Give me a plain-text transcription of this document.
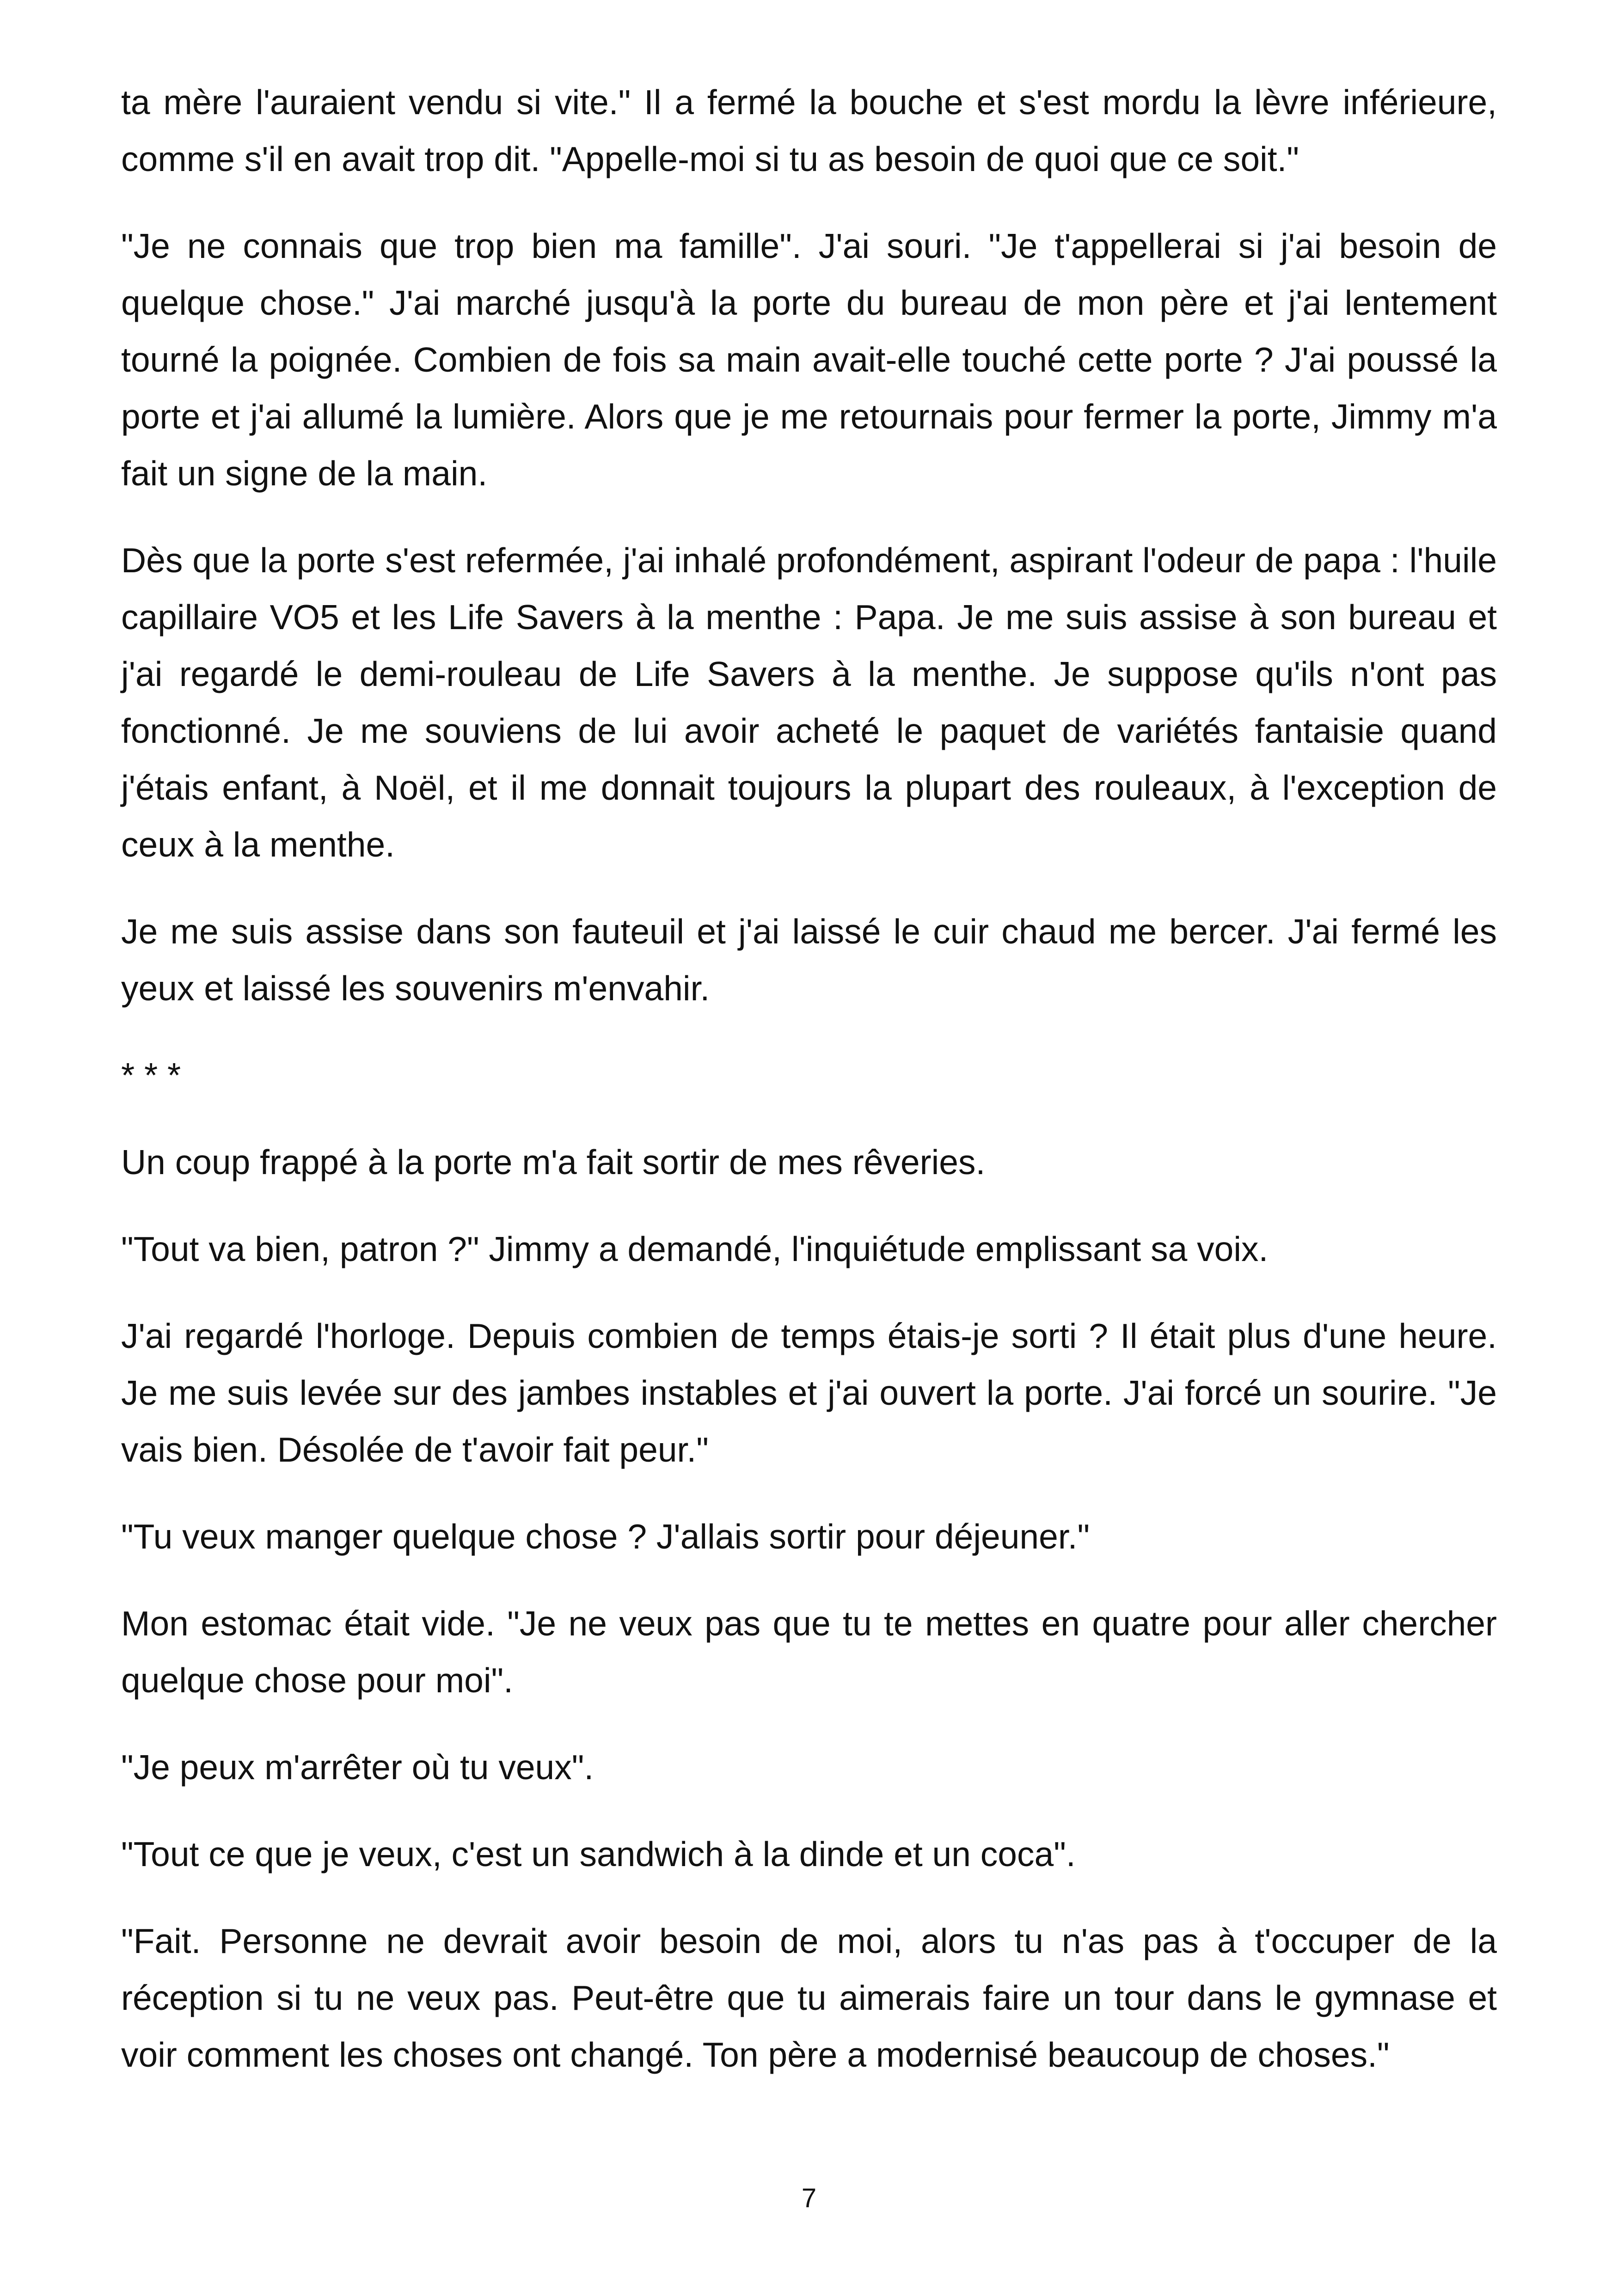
ta mère l'auraient vendu si vite." Il a fermé la bouche et s'est mordu la lèvre inférieure, comme s'il en avait trop dit. "Appelle-moi si tu as besoin de quoi que ce soit."

"Je ne connais que trop bien ma famille". J'ai souri. "Je t'appellerai si j'ai besoin de quelque chose." J'ai marché jusqu'à la porte du bureau de mon père et j'ai lentement tourné la poignée. Combien de fois sa main avait-elle touché cette porte ? J'ai poussé la porte et j'ai allumé la lumière. Alors que je me retournais pour fermer la porte, Jimmy m'a fait un signe de la main.

Dès que la porte s'est refermée, j'ai inhalé profondément, aspirant l'odeur de papa : l'huile capillaire VO5 et les Life Savers à la menthe : Papa. Je me suis assise à son bureau et j'ai regardé le demi-rouleau de Life Savers à la menthe. Je suppose qu'ils n'ont pas fonctionné. Je me souviens de lui avoir acheté le paquet de variétés fantaisie quand j'étais enfant, à Noël, et il me donnait toujours la plupart des rouleaux, à l'exception de ceux à la menthe.

Je me suis assise dans son fauteuil et j'ai laissé le cuir chaud me bercer. J'ai fermé les yeux et laissé les souvenirs m'envahir.

* * *

Un coup frappé à la porte m'a fait sortir de mes rêveries.

"Tout va bien, patron ?" Jimmy a demandé, l'inquiétude emplissant sa voix.

J'ai regardé l'horloge. Depuis combien de temps étais-je sorti ? Il était plus d'une heure. Je me suis levée sur des jambes instables et j'ai ouvert la porte. J'ai forcé un sourire. "Je vais bien. Désolée de t'avoir fait peur."

"Tu veux manger quelque chose ? J'allais sortir pour déjeuner."

Mon estomac était vide. "Je ne veux pas que tu te mettes en quatre pour aller chercher quelque chose pour moi".

"Je peux m'arrêter où tu veux".

"Tout ce que je veux, c'est un sandwich à la dinde et un coca".

"Fait. Personne ne devrait avoir besoin de moi, alors tu n'as pas à t'occuper de la réception si tu ne veux pas. Peut-être que tu aimerais faire un tour dans le gymnase et voir comment les choses ont changé. Ton père a modernisé beaucoup de choses."

7
